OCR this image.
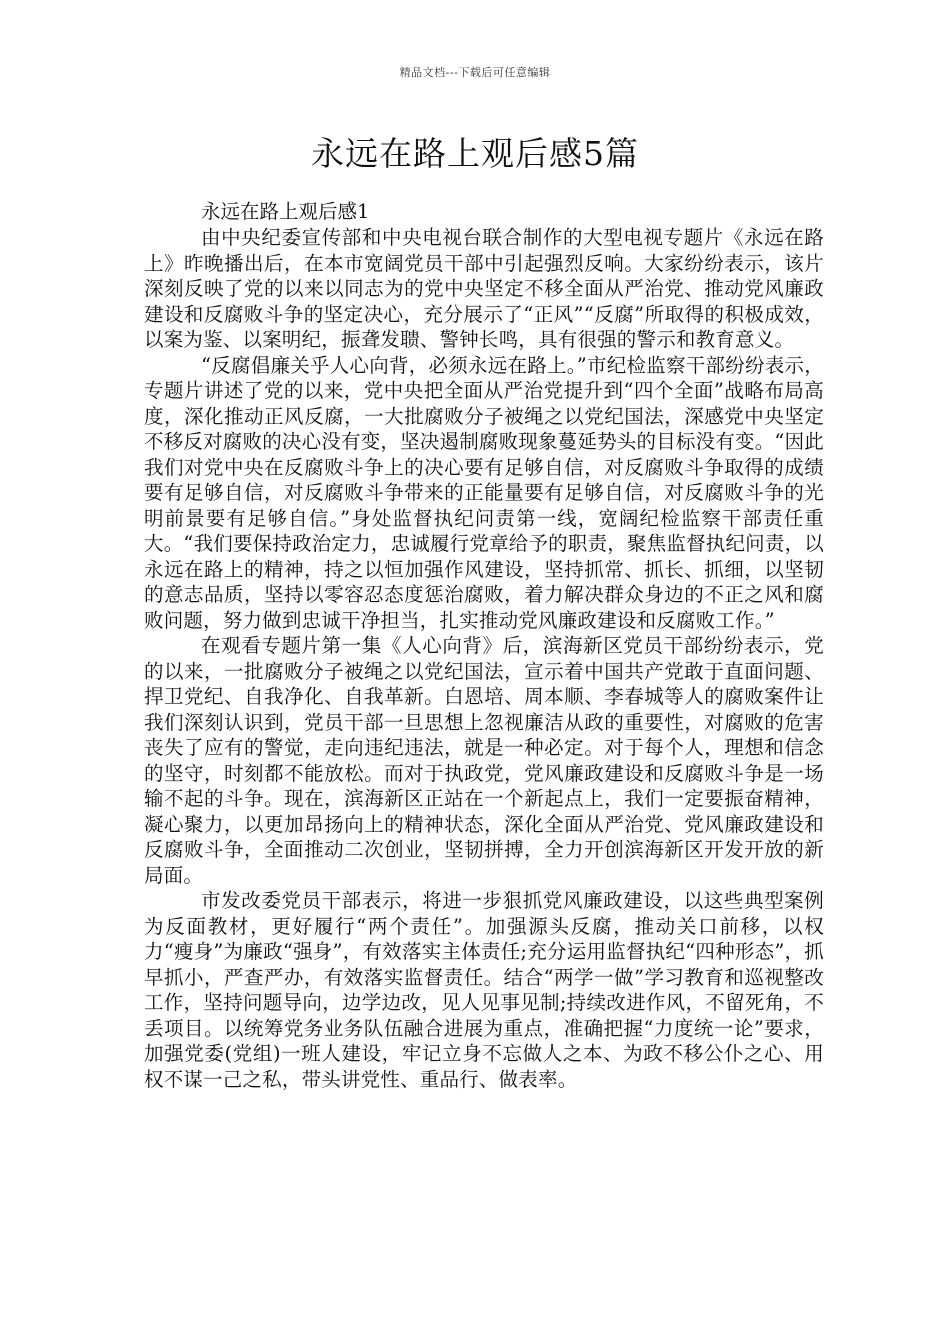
精品文档---下载后可任意编辑
永远在路上观后感5篇

永远在路上观后感1

由中央纪委宣传部和中央电视台联合制作的大型电视专题片《永远在路上》昨晚播出后，在本市宽阔党员干部中引起强烈反响。大家纷纷表示，该片深刻反映了党的以来以同志为的党中央坚定不移全面从严治党、推动党风廉政建设和反腐败斗争的坚定决心，充分展示了“正风”“反腐”所取得的积极成效，以案为鉴、以案明纪，振聋发聩、警钟长鸣，具有很强的警示和教育意义。

“反腐倡廉关乎人心向背，必须永远在路上。”市纪检监察干部纷纷表示，专题片讲述了党的以来，党中央把全面从严治党提升到“四个全面”战略布局高度，深化推动正风反腐，一大批腐败分子被绳之以党纪国法，深感党中央坚定不移反对腐败的决心没有变，坚决遏制腐败现象蔓延势头的目标没有变。“因此我们对党中央在反腐败斗争上的决心要有足够自信，对反腐败斗争取得的成绩要有足够自信，对反腐败斗争带来的正能量要有足够自信，对反腐败斗争的光明前景要有足够自信。”身处监督执纪问责第一线，宽阔纪检监察干部责任重大。“我们要保持政治定力，忠诚履行党章给予的职责，聚焦监督执纪问责，以永远在路上的精神，持之以恒加强作风建设，坚持抓常、抓长、抓细，以坚韧的意志品质，坚持以零容忍态度惩治腐败，着力解决群众身边的不正之风和腐败问题，努力做到忠诚干净担当，扎实推动党风廉政建设和反腐败工作。”

在观看专题片第一集《人心向背》后，滨海新区党员干部纷纷表示，党的以来，一批腐败分子被绳之以党纪国法，宣示着中国共产党敢于直面问题、捍卫党纪、自我净化、自我革新。白恩培、周本顺、李春城等人的腐败案件让我们深刻认识到，党员干部一旦思想上忽视廉洁从政的重要性，对腐败的危害丧失了应有的警觉，走向违纪违法，就是一种必定。对于每个人，理想和信念的坚守，时刻都不能放松。而对于执政党，党风廉政建设和反腐败斗争是一场输不起的斗争。现在，滨海新区正站在一个新起点上，我们一定要振奋精神，凝心聚力，以更加昂扬向上的精神状态，深化全面从严治党、党风廉政建设和反腐败斗争，全面推动二次创业，坚韧拼搏，全力开创滨海新区开发开放的新局面。

市发改委党员干部表示，将进一步狠抓党风廉政建设，以这些典型案例为反面教材，更好履行“两个责任”。加强源头反腐，推动关口前移，以权力“瘦身”为廉政“强身”，有效落实主体责任;充分运用监督执纪“四种形态”，抓早抓小，严查严办，有效落实监督责任。结合“两学一做”学习教育和巡视整改工作，坚持问题导向，边学边改，见人见事见制;持续改进作风，不留死角，不丢项目。以统筹党务业务队伍融合进展为重点，准确把握“力度统一论”要求，加强党委(党组)一班人建设，牢记立身不忘做人之本、为政不移公仆之心、用权不谋一己之私，带头讲党性、重品行、做表率。
